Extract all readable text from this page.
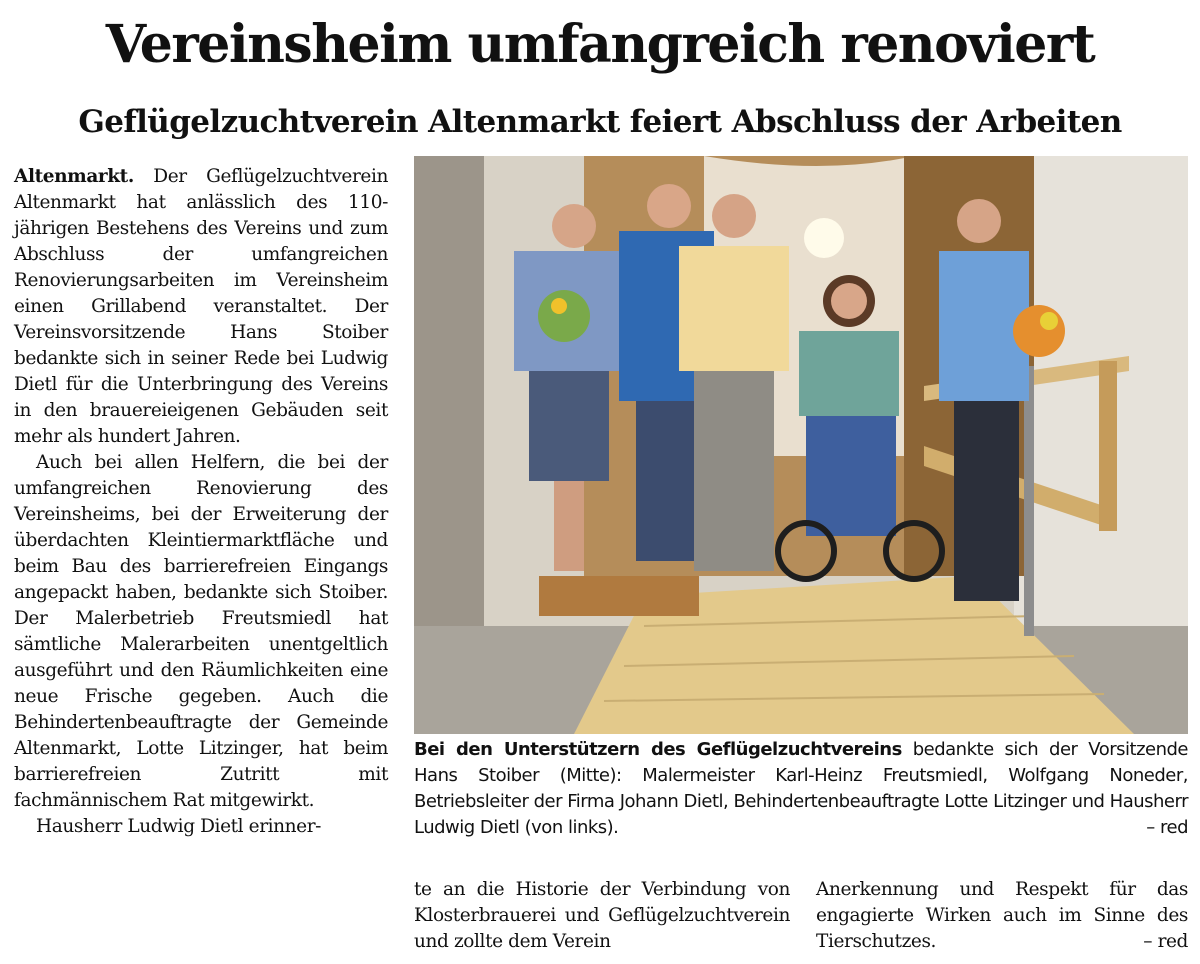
Vereinsheim umfangreich renoviert
Geflügelzuchtverein Altenmarkt feiert Abschluss der Arbeiten

Altenmarkt. Der Geflügelzuchtverein Altenmarkt hat anlässlich des 110-jährigen Bestehens des Vereins und zum Abschluss der umfangreichen Renovierungsarbeiten im Vereinsheim einen Grillabend veranstaltet. Der Vereinsvorsitzende Hans Stoiber bedankte sich in seiner Rede bei Ludwig Dietl für die Unterbringung des Vereins in den brauereieigenen Gebäuden seit mehr als hundert Jahren.

Auch bei allen Helfern, die bei der umfangreichen Renovierung des Vereinsheims, bei der Erweiterung der überdachten Kleintiermarktfläche und beim Bau des barrierefreien Eingangs angepackt haben, bedankte sich Stoiber. Der Malerbetrieb Freutsmiedl hat sämtliche Malerarbeiten unentgeltlich ausgeführt und den Räumlichkeiten eine neue Frische gegeben. Auch die Behindertenbeauftragte der Gemeinde Altenmarkt, Lotte Litzinger, hat beim barrierefreien Zutritt mit fachmännischem Rat mitgewirkt.

Hausherr Ludwig Dietl erinner-

Bei den Unterstützern des Geflügelzuchtvereins bedankte sich der Vorsitzende Hans Stoiber (Mitte): Malermeister Karl-Heinz Freutsmiedl, Wolfgang Noneder, Betriebsleiter der Firma Johann Dietl, Behindertenbeauftragte Lotte Litzinger und Hausherr Ludwig Dietl (von links).	– red

te an die Historie der Verbindung von Klosterbrauerei und Geflügelzuchtverein und zollte dem Verein

Anerkennung und Respekt für das engagierte Wirken auch im Sinne des Tierschutzes.	– red
